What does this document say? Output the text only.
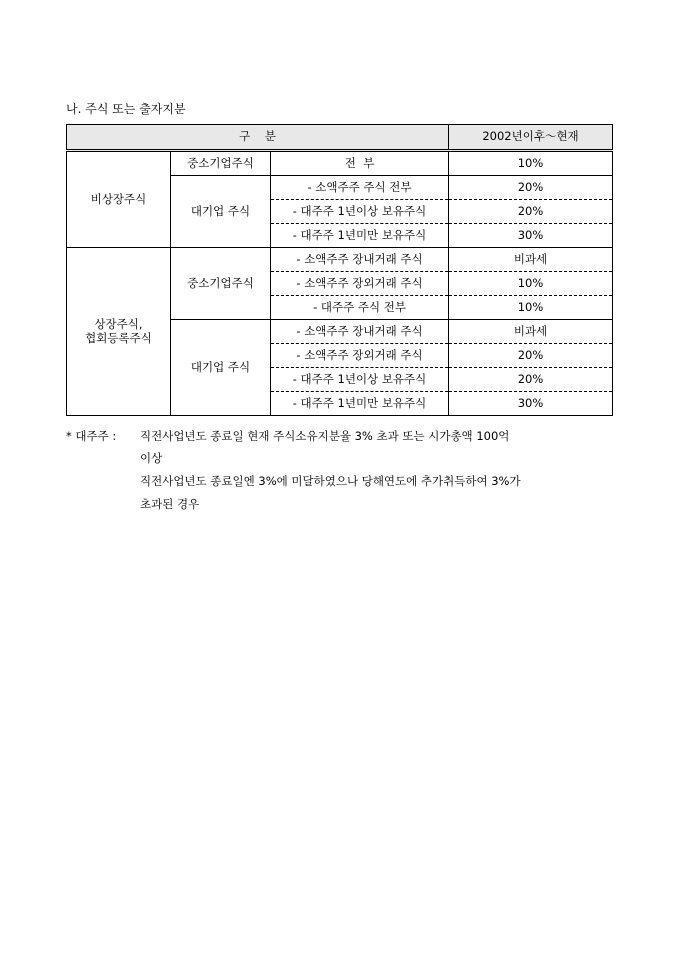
나. 주식 또는 출자지분
구    분			2002년이후～현재
비상장주식	중소기업주식	전  부	10%
	대기업 주식	- 소액주주 주식 전부	20%
		- 대주주 1년이상 보유주식	20%
		- 대주주 1년미만 보유주식	30%
상장주식,
협회등록주식	중소기업주식	- 소액주주 장내거래 주식	비과세
		- 소액주주 장외거래 주식	10%
		- 대주주 주식 전부	10%
	대기업 주식	- 소액주주 장내거래 주식	비과세
		- 소액주주 장외거래 주식	20%
		- 대주주 1년이상 보유주식	20%
		- 대주주 1년미만 보유주식	30%
* 대주주 : 직전사업년도 종료일 현재 주식소유지분율 3% 초과 또는 시가총액 100억
이상
직전사업년도 종료일엔 3%에 미달하였으나 당해연도에 추가취득하여 3%가
초과된 경우
